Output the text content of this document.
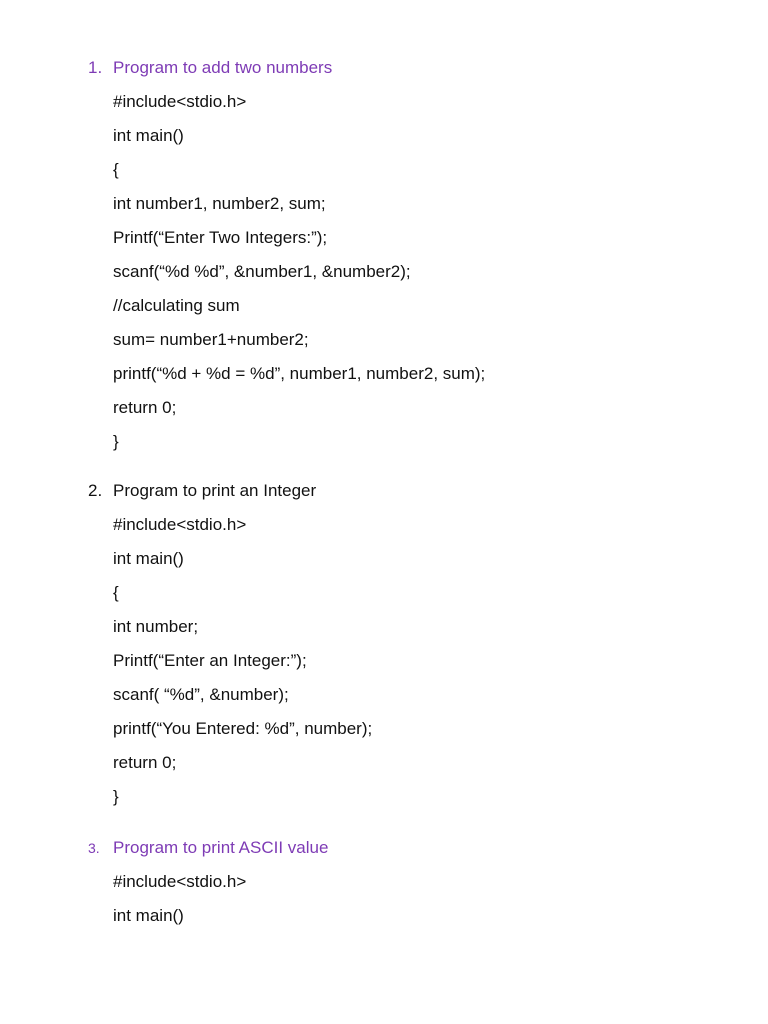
1. Program to add two numbers
#include<stdio.h>
int main()
{
int number1, number2, sum;
Printf(“Enter Two Integers:”);
scanf(“%d %d”, &number1, &number2);
//calculating sum
sum= number1+number2;
printf(“%d + %d = %d”, number1, number2, sum);
return 0;
}
2. Program to print an Integer
#include<stdio.h>
int main()
{
int number;
Printf(“Enter an Integer:”);
scanf( “%d”, &number);
printf(“You Entered: %d”, number);
return 0;
}
3. Program to print ASCII value
#include<stdio.h>
int main()
